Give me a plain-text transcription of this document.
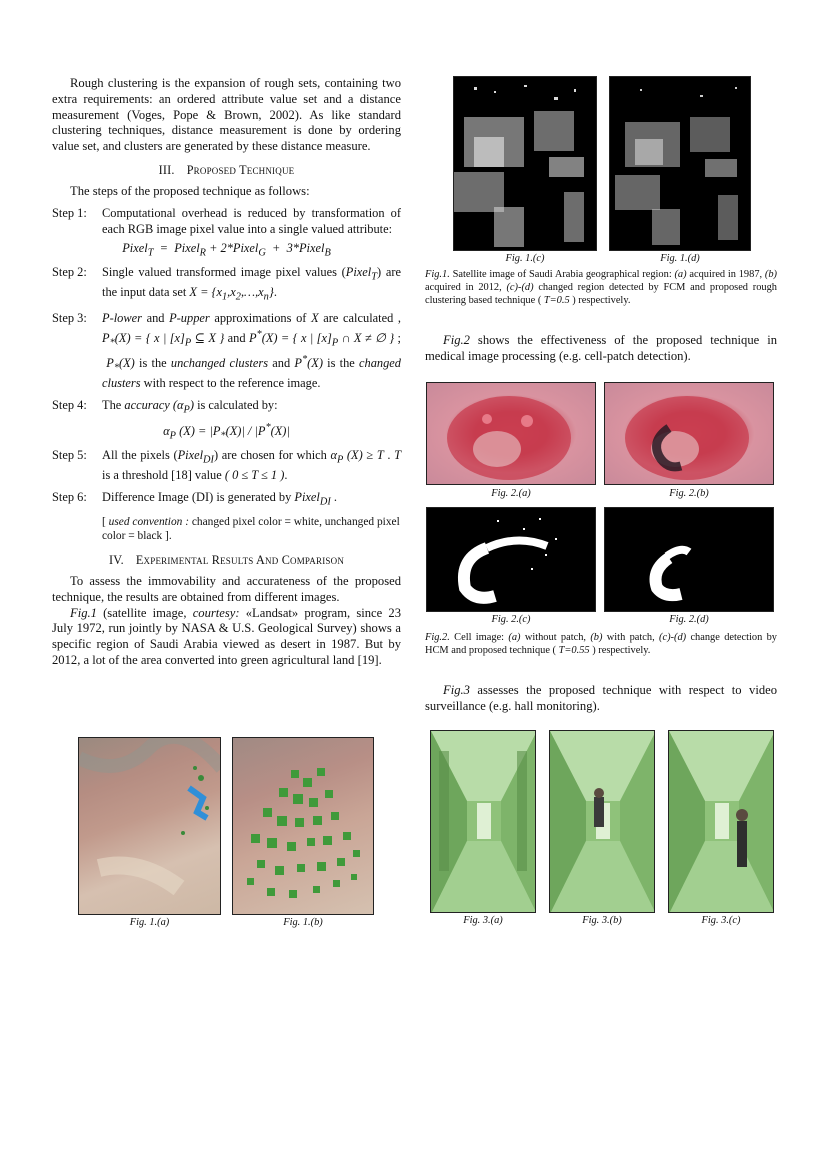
Rough clustering is the expansion of rough sets, containing two extra requirements: an ordered attribute value set and a distance measurement (Voges, Pope & Brown, 2002). As like standard clustering techniques, distance measurement is done by ordering value set, and clusters are generated by these distance measure.

III. Proposed Technique

The steps of the proposed technique as follows:

Step 1:	Computational overhead is reduced by transformation of each RGB image pixel value into a single valued attribute:
Pixel$_T$  =  Pixel$_R$ + 2*Pixel$_G$  +  3*Pixel$_B$
Step 2:	Single valued transformed image pixel values (Pixel$_T$) are the input data set $X = \{x_1,x_2,\dots,x_n\}$.
Step 3:	P-lower and P-upper approximations of X are calculated , $P_*(X)$ = { x | $[x]_P$ ⊆ X } and P*(X) = { x | $[x]_P$ ∩ X ≠ ∅ } ;  $P_*(X)$ is the unchanged clusters and P*(X) is the changed clusters with respect to the reference image.
Step 4:	The accuracy $(\alpha_P)$ is calculated by:
$\alpha_P$ $(X) = |P_*(X)| / |P^*(X)|$
Step 5:	All the pixels (Pixel$_{DI}$) are chosen for which $\alpha_P$ (X) ≥ T . T is a threshold [18] value ( 0 ≤ T ≤ 1 ).
Step 6:	Difference Image (DI) is generated by Pixel$_{DI}$ .
[ used convention : changed pixel color = white, unchanged pixel color = black ].
IV. Experimental Results And Comparison

To assess the immovability and accurateness of the proposed technique, the results are obtained from different images.

Fig.1 (satellite image, courtesy: «Landsat» program, since 23 July 1972, run jointly by NASA & U.S. Geological Survey) shows a specific region of Saudi Arabia viewed as desert in 1987. But by 2012, a lot of the area converted into green agricultural land [19].

Fig. 1.(a)	Fig. 1.(b)
Fig. 1.(c)	Fig. 1.(d)
Fig.1. Satellite image of Saudi Arabia geographical region: (a) acquired in 1987, (b) acquired in 2012, (c)-(d) changed region detected by FCM and proposed rough clustering based technique ( T=0.5 ) respectively.
Fig.2 shows the effectiveness of the proposed technique in medical image processing (e.g. cell-patch detection).
Fig. 2.(a)	Fig. 2.(b)
Fig. 2.(c)	Fig. 2.(d)
Fig.2. Cell image: (a) without patch, (b) with patch, (c)-(d) change detection by HCM and proposed technique ( T=0.55 ) respectively.
Fig.3 assesses the proposed technique with respect to video surveillance (e.g. hall monitoring).
Fig. 3.(a)	Fig. 3.(b)	Fig. 3.(c)
